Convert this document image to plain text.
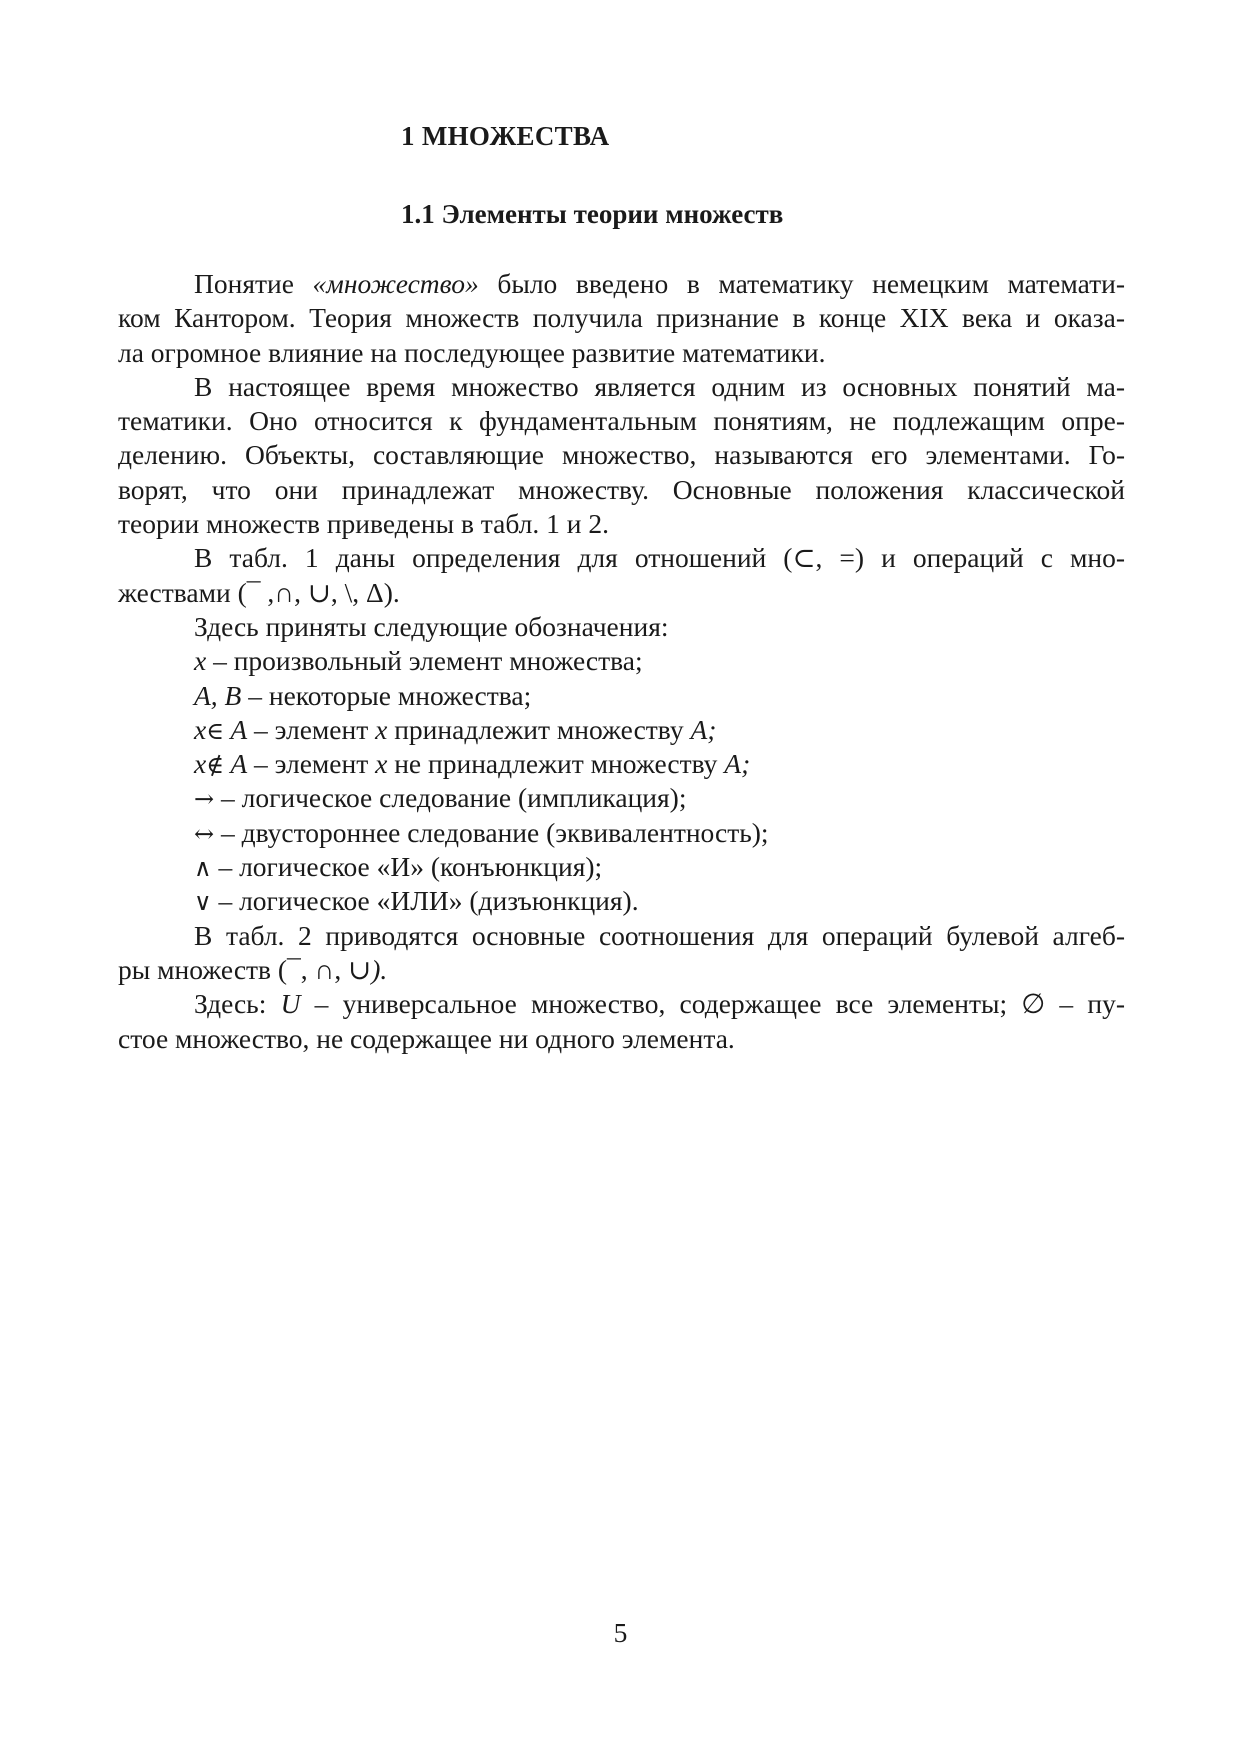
1 МНОЖЕСТВА
1.1 Элементы теории множеств
Понятие «множество» было введено в математику немецким математи-
ком Кантором. Теория множеств получила признание в конце XIX века и оказа-
ла огромное влияние на последующее развитие математики.
В настоящее время множество является одним из основных понятий ма-
тематики. Оно относится к фундаментальным понятиям, не подлежащим опре-
делению. Объекты, составляющие множество, называются его элементами. Го-
ворят, что они принадлежат множеству. Основные положения классической
теории множеств приведены в табл. 1 и 2.
В табл. 1 даны определения для отношений (⊂, =) и операций с мно-
жествами (¯ ,∩, ∪, \, Δ).
Здесь приняты следующие обозначения:
x – произвольный элемент множества;
A, B – некоторые множества;
x∈ A – элемент x принадлежит множеству A;
x∉ A – элемент x не принадлежит множеству A;
→ – логическое следование (импликация);
↔ – двустороннее следование (эквивалентность);
∧ – логическое «И» (конъюнкция);
∨ – логическое «ИЛИ» (дизъюнкция).
В табл. 2 приводятся основные соотношения для операций булевой алгеб-
ры множеств (¯, ∩, ∪).
Здесь: U – универсальное множество, содержащее все элементы; ∅ – пу-
стое множество, не содержащее ни одного элемента.

5
